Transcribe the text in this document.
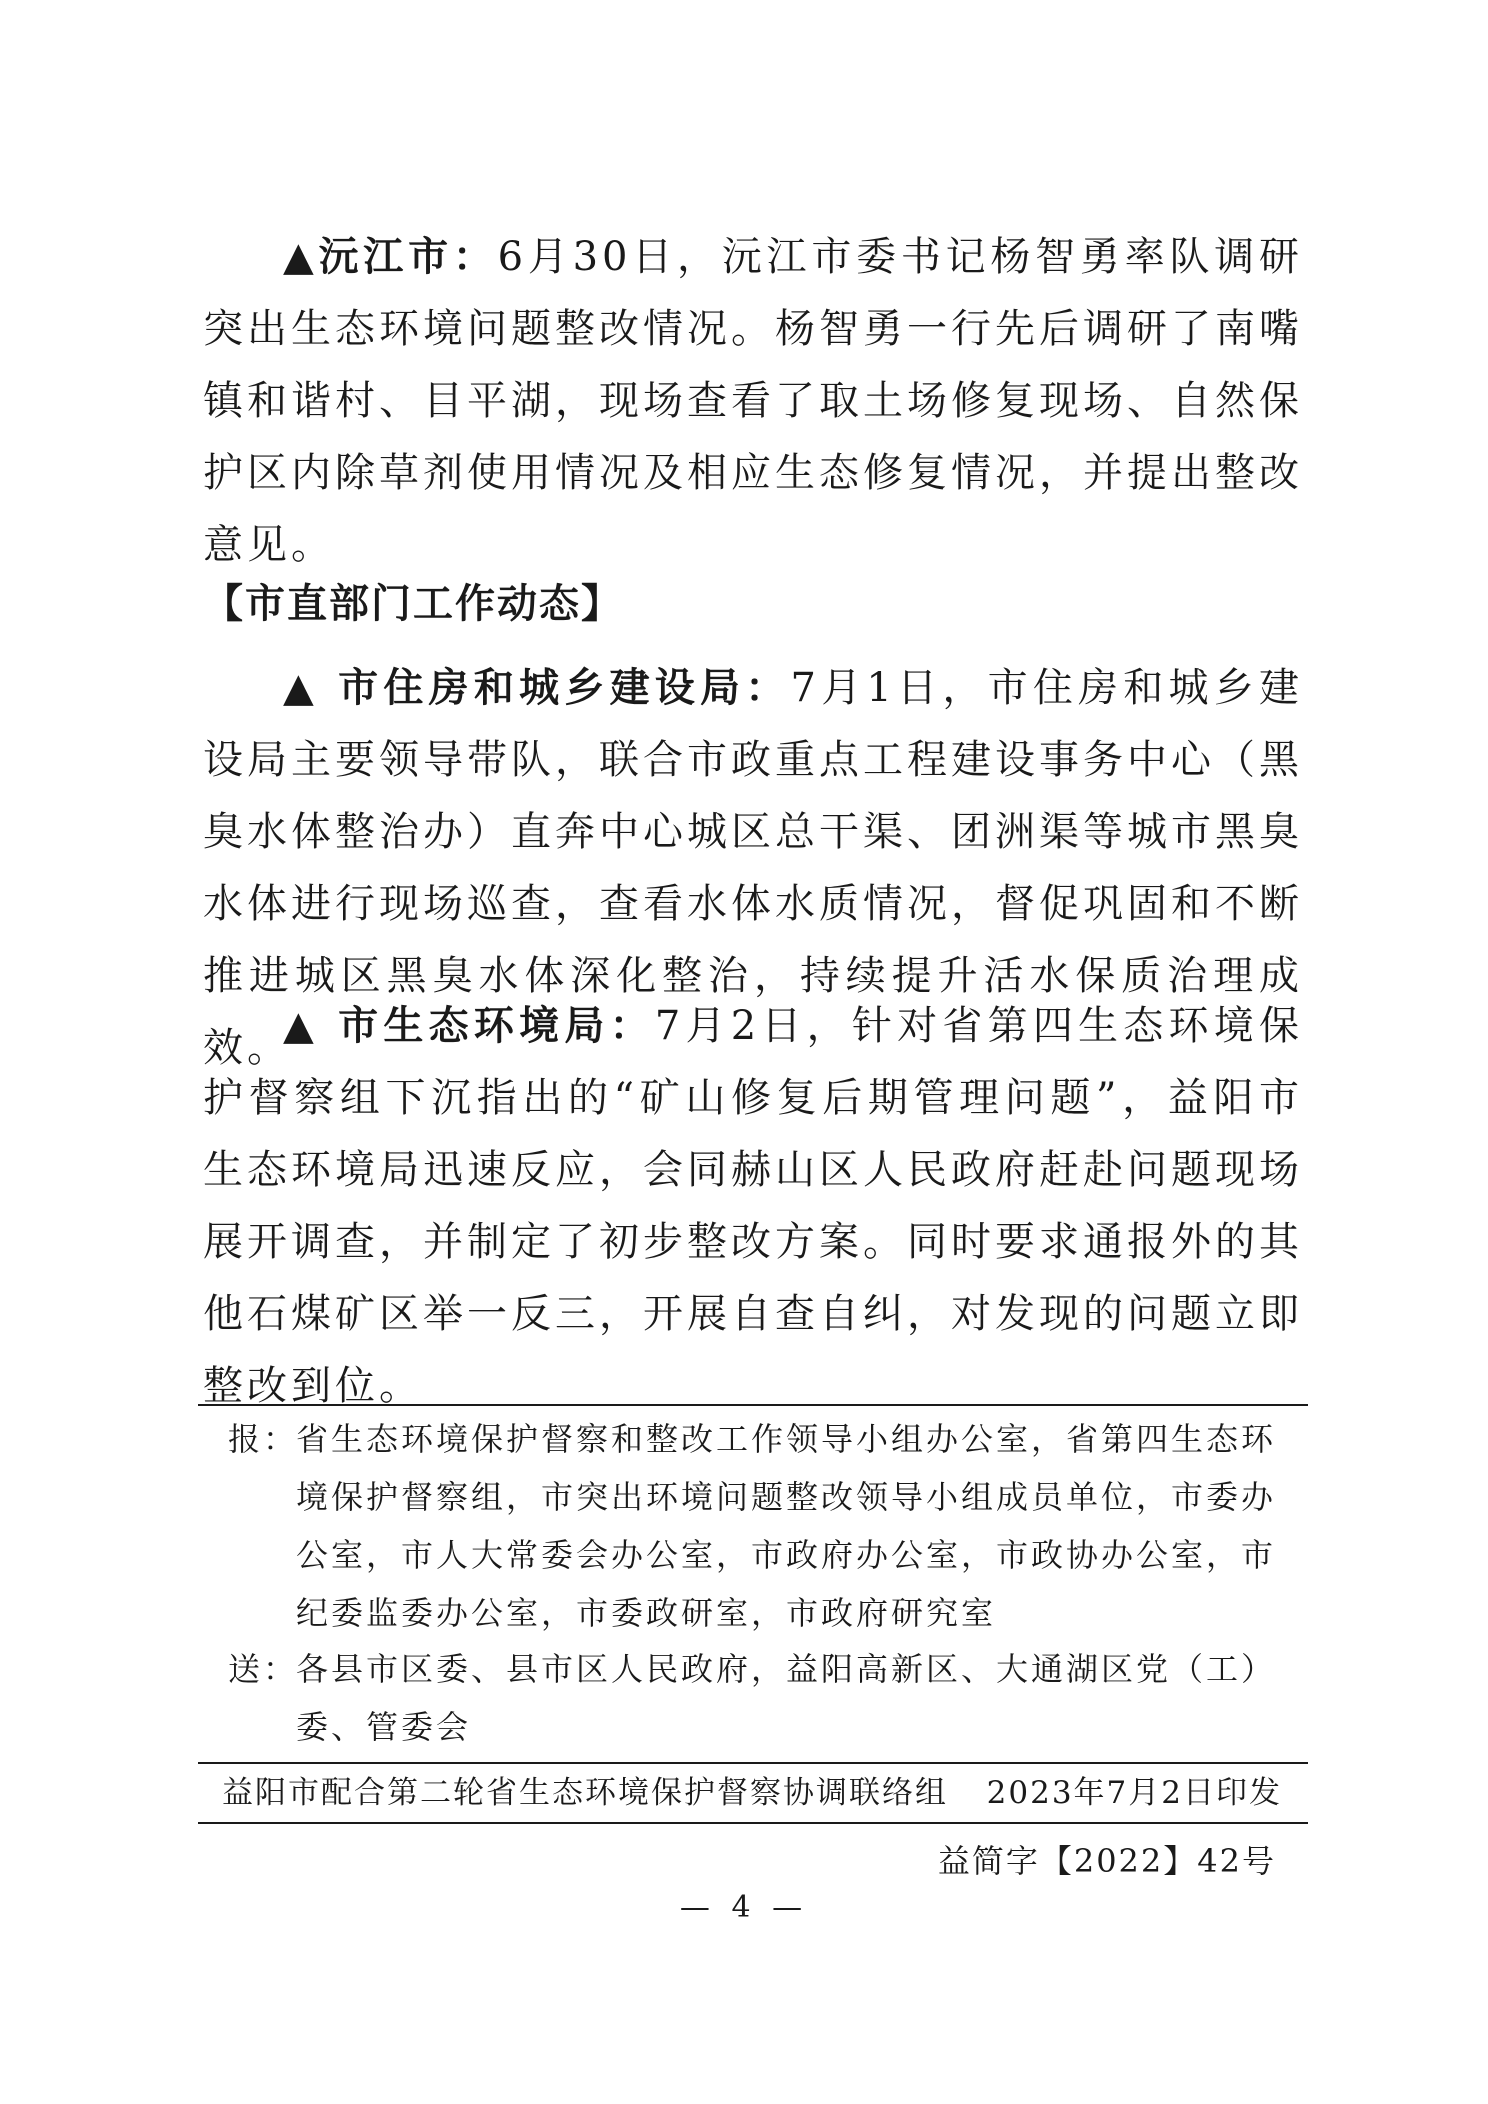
▲沅江市：6月30日，沅江市委书记杨智勇率队调研突出生态环境问题整改情况。杨智勇一行先后调研了南嘴镇和谐村、目平湖，现场查看了取土场修复现场、自然保护区内除草剂使用情况及相应生态修复情况，并提出整改意见。

【市直部门工作动态】

▲ 市住房和城乡建设局：7月1日，市住房和城乡建设局主要领导带队，联合市政重点工程建设事务中心（黑臭水体整治办）直奔中心城区总干渠、团洲渠等城市黑臭水体进行现场巡查，查看水体水质情况，督促巩固和不断推进城区黑臭水体深化整治，持续提升活水保质治理成效。

▲ 市生态环境局：7月2日，针对省第四生态环境保护督察组下沉指出的“矿山修复后期管理问题”，益阳市生态环境局迅速反应，会同赫山区人民政府赶赴问题现场展开调查，并制定了初步整改方案。同时要求通报外的其他石煤矿区举一反三，开展自查自纠，对发现的问题立即整改到位。

报：省生态环境保护督察和整改工作领导小组办公室，省第四生态环境保护督察组，市突出环境问题整改领导小组成员单位，市委办公室，市人大常委会办公室，市政府办公室，市政协办公室，市纪委监委办公室，市委政研室，市政府研究室

送：各县市区委、县市区人民政府，益阳高新区、大通湖区党（工）委、管委会

益阳市配合第二轮省生态环境保护督察协调联络组 2023年7月2日印发
益简字【2022】42号
— 4 —
